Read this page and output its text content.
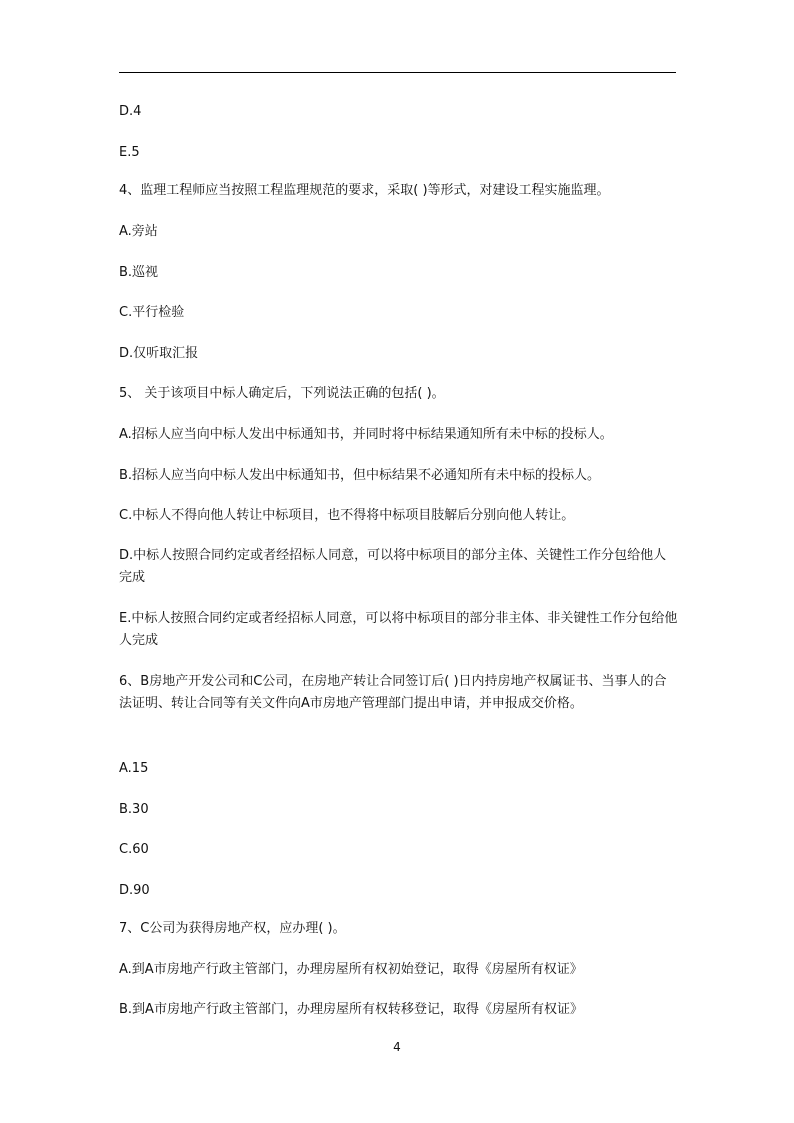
D.4
E.5
4、监理工程师应当按照工程监理规范的要求，采取( )等形式，对建设工程实施监理。
A.旁站
B.巡视
C.平行检验
D.仅听取汇报
5、 关于该项目中标人确定后，下列说法正确的包括( )。
A.招标人应当向中标人发出中标通知书，并同时将中标结果通知所有未中标的投标人。
B.招标人应当向中标人发出中标通知书，但中标结果不必通知所有未中标的投标人。
C.中标人不得向他人转让中标项目，也不得将中标项目肢解后分别向他人转让。
D.中标人按照合同约定或者经招标人同意，可以将中标项目的部分主体、关键性工作分包给他人完成
E.中标人按照合同约定或者经招标人同意，可以将中标项目的部分非主体、非关键性工作分包给他人完成
6、B房地产开发公司和C公司，在房地产转让合同签订后( )日内持房地产权属证书、当事人的合法证明、转让合同等有关文件向A市房地产管理部门提出申请，并申报成交价格。
A.15
B.30
C.60
D.90
7、C公司为获得房地产权，应办理( )。
A.到A市房地产行政主管部门，办理房屋所有权初始登记，取得《房屋所有权证》
B.到A市房地产行政主管部门，办理房屋所有权转移登记，取得《房屋所有权证》
4
